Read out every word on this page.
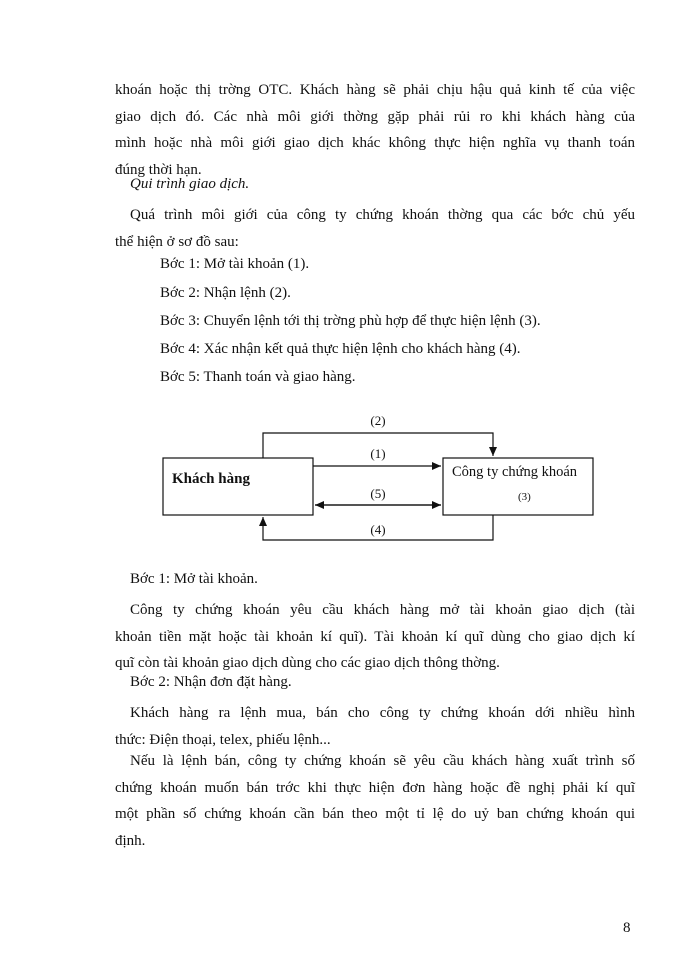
khoán hoặc thị trờng OTC. Khách hàng sẽ phải chịu hậu quả kinh tế của việc
giao dịch đó. Các nhà môi giới thờng gặp phải rủi ro khi khách hàng của
mình hoặc nhà môi giới giao dịch khác không thực hiện nghĩa vụ thanh toán
đúng thời hạn.
Qui trình giao dịch.
Quá trình môi giới của công ty chứng khoán thờng qua các bớc chủ yếu
thể hiện ở sơ đồ sau:
Bớc 1: Mở tài khoản (1).
Bớc 2: Nhận lệnh (2).
Bớc 3: Chuyển lệnh tới thị trờng phù hợp để thực hiện lệnh (3).
Bớc 4: Xác nhận kết quả thực hiện lệnh cho khách hàng (4).
Bớc 5: Thanh toán và giao hàng.
Khách hàng	Công ty chứng khoán
(3)
(2)
(1)
(5)
(4)
Bớc 1: Mở tài khoản.
Công ty chứng khoán yêu cầu khách hàng mở tài khoản giao dịch (tài
khoản tiền mặt hoặc tài khoản kí quĩ). Tài khoản kí quĩ dùng cho giao dịch kí
quĩ còn tài khoản giao dịch dùng cho các giao dịch thông thờng.
Bớc 2: Nhận đơn đặt hàng.
Khách hàng ra lệnh mua, bán cho công ty chứng khoán dới nhiều hình
thức: Điện thoại, telex, phiếu lệnh...
Nếu là lệnh bán, công ty chứng khoán sẽ yêu cầu khách hàng xuất trình số
chứng khoán muốn bán trớc khi thực hiện đơn hàng hoặc đề nghị phải kí quĩ
một phần số chứng khoán cần bán theo một tỉ lệ do uỷ ban chứng khoán qui
định.
8
